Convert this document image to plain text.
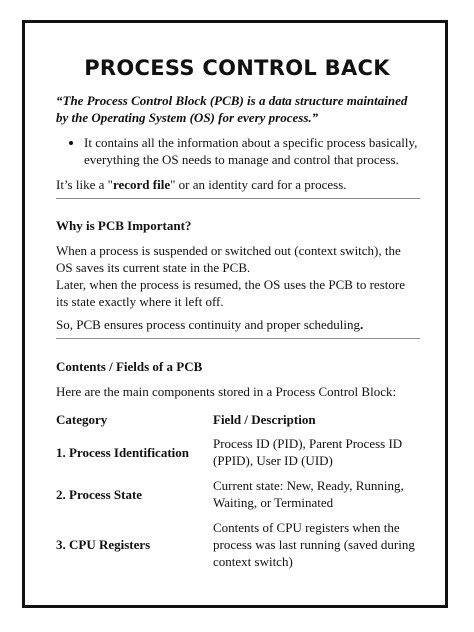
PROCESS CONTROL BACK

“The Process Control Block (PCB) is a data structure maintained by the Operating System (OS) for every process.”

• It contains all the information about a specific process basically, everything the OS needs to manage and control that process.

It’s like a "record file" or an identity card for a process.

Why is PCB Important?

When a process is suspended or switched out (context switch), the OS saves its current state in the PCB.

Later, when the process is resumed, the OS uses the PCB to restore its state exactly where it left off.

So, PCB ensures process continuity and proper scheduling.

Contents / Fields of a PCB

Here are the main components stored in a Process Control Block:

Category	Field / Description
1. Process Identification	Process ID (PID), Parent Process ID (PPID), User ID (UID)
2. Process State	Current state: New, Ready, Running, Waiting, or Terminated
3. CPU Registers	Contents of CPU registers when the process was last running (saved during context switch)
